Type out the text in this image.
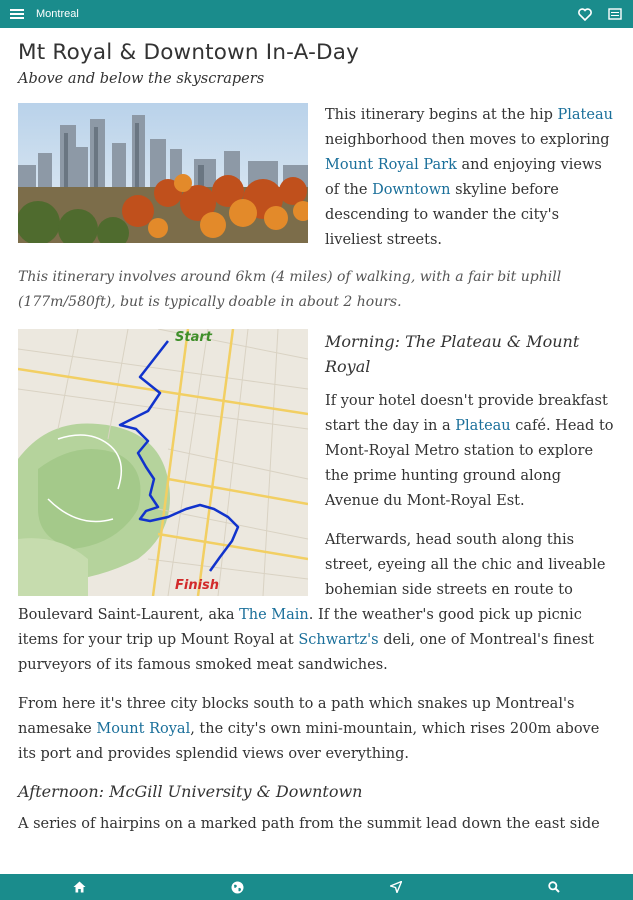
Montreal
Mt Royal & Downtown In-A-Day
Above and below the skyscrapers

This itinerary begins at the hip Plateau neighborhood then moves to exploring Mount Royal Park and enjoying views of the Downtown skyline before descending to wander the city's liveliest streets.

This itinerary involves around 6km (4 miles) of walking, with a fair bit uphill (177m/580ft), but is typically doable in about 2 hours.
Start
Finish
Morning: The Plateau & Mount Royal

If your hotel doesn't provide breakfast start the day in a Plateau café. Head to Mont-Royal Metro station to explore the prime hunting ground along Avenue du Mont-Royal Est.

Afterwards, head south along this street, eyeing all the chic and liveable bohemian side streets en route to Boulevard Saint-Laurent, aka The Main. If the weather's good pick up picnic items for your trip up Mount Royal at Schwartz's deli, one of Montreal's finest purveyors of its famous smoked meat sandwiches.

From here it's three city blocks south to a path which snakes up Montreal's namesake Mount Royal, the city's own mini-mountain, which rises 200m above its port and provides splendid views over everything.

Afternoon: McGill University & Downtown

A series of hairpins on a marked path from the summit lead down the east side
